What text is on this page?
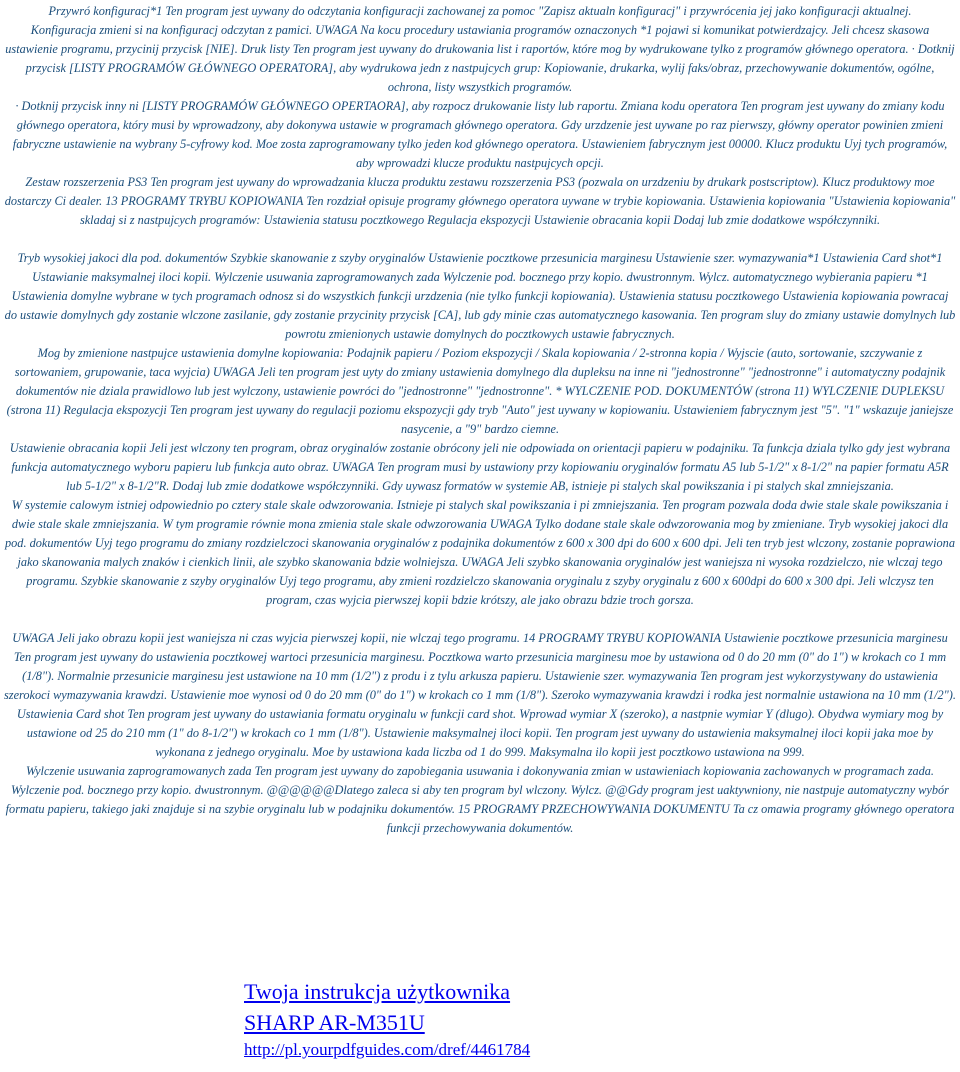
Przywró konfiguracj*1 Ten program jest uywany do odczytania konfiguracji zachowanej za pomoc "Zapisz aktualn konfiguracj" i przywrócenia jej jako konfiguracji aktualnej.

Konfiguracja zmieni si na konfiguracj odczytan z pamici. UWAGA Na kocu procedury ustawiania programów oznaczonych *1 pojawi si komunikat potwierdzajcy. Jeli chcesz skasowa ustawienie programu, przycinij przycisk [NIE]. Druk listy Ten program jest uywany do drukowania list i raportów, które mog by wydrukowane tylko z programów głównego operatora. · Dotknij przycisk [LISTY PROGRAMÓW GŁÓWNEGO OPERATORA], aby wydrukowa jedn z nastpujcych grup: Kopiowanie, drukarka, wylij faks/obraz, przechowywanie dokumentów, ogólne, ochrona, listy wszystkich programów.

· Dotknij przycisk inny ni [LISTY PROGRAMÓW GŁÓWNEGO OPERTAORA], aby rozpocz drukowanie listy lub raportu. Zmiana kodu operatora Ten program jest uywany do zmiany kodu głównego operatora, który musi by wprowadzony, aby dokonywa ustawie w programach głównego operatora. Gdy urzdzenie jest uywane po raz pierwszy, główny operator powinien zmieni fabryczne ustawienie na wybrany 5-cyfrowy kod. Moe zosta zaprogramowany tylko jeden kod głównego operatora. Ustawieniem fabrycznym jest 00000. Klucz produktu Uyj tych programów, aby wprowadzi klucze produktu nastpujcych opcji.

Zestaw rozszerzenia PS3 Ten program jest uywany do wprowadzania klucza produktu zestawu rozszerzenia PS3 (pozwala on urzdzeniu by drukark postscriptow). Klucz produktowy moe dostarczy Ci dealer. 13 PROGRAMY TRYBU KOPIOWANIA Ten rozdział opisuje programy głównego operatora uywane w trybie kopiowania. Ustawienia kopiowania "Ustawienia kopiowania" skladaj si z nastpujcych programów: Ustawienia statusu pocztkowego Regulacja ekspozycji Ustawienie obracania kopii Dodaj lub zmie dodatkowe współczynniki.

Tryb wysokiej jakoci dla pod. dokumentów Szybkie skanowanie z szyby oryginalów Ustawienie pocztkowe przesunicia marginesu Ustawienie szer. wymazywania*1 Ustawienia Card shot*1 Ustawianie maksymalnej iloci kopii. Wylczenie usuwania zaprogramowanych zada Wylczenie pod. bocznego przy kopio. dwustronnym. Wylcz. automatycznego wybierania papieru *1 Ustawienia domylne wybrane w tych programach odnosz si do wszystkich funkcji urzdzenia (nie tylko funkcji kopiowania). Ustawienia statusu pocztkowego Ustawienia kopiowania powracaj do ustawie domylnych gdy zostanie wlczone zasilanie, gdy zostanie przycinity przycisk [CA], lub gdy minie czas automatycznego kasowania. Ten program sluy do zmiany ustawie domylnych lub powrotu zmienionych ustawie domylnych do pocztkowych ustawie fabrycznych.

Mog by zmienione nastpujce ustawienia domylne kopiowania: Podajnik papieru / Poziom ekspozycji / Skala kopiowania / 2-stronna kopia / Wyjscie (auto, sortowanie, szczywanie z sortowaniem, grupowanie, taca wyjcia) UWAGA Jeli ten program jest uyty do zmiany ustawienia domylnego dla dupleksu na inne ni "jednostronne" "jednostronne" i automatyczny podajnik dokumentów nie dziala prawidlowo lub jest wylczony, ustawienie powróci do "jednostronne" "jednostronne". * WYLCZENIE POD. DOKUMENTÓW (strona 11) WYLCZENIE DUPLEKSU (strona 11) Regulacja ekspozycji Ten program jest uywany do regulacji poziomu ekspozycji gdy tryb "Auto" jest uywany w kopiowaniu. Ustawieniem fabrycznym jest "5". "1" wskazuje janiejsze nasycenie, a "9" bardzo ciemne.

Ustawienie obracania kopii Jeli jest wlczony ten program, obraz oryginalów zostanie obrócony jeli nie odpowiada on orientacji papieru w podajniku. Ta funkcja dziala tylko gdy jest wybrana funkcja automatycznego wyboru papieru lub funkcja auto obraz. UWAGA Ten program musi by ustawiony przy kopiowaniu oryginalów formatu A5 lub 5-1/2" x 8-1/2" na papier formatu A5R lub 5-1/2" x 8-1/2"R. Dodaj lub zmie dodatkowe współczynniki. Gdy uywasz formatów w systemie AB, istnieje pi stalych skal powikszania i pi stalych skal zmniejszania.

W systemie calowym istniej odpowiednio po cztery stale skale odwzorowania. Istnieje pi stalych skal powikszania i pi zmniejszania. Ten program pozwala doda dwie stale skale powikszania i dwie stale skale zmniejszania. W tym programie równie mona zmienia stale skale odwzorowania UWAGA Tylko dodane stale skale odwzorowania mog by zmieniane. Tryb wysokiej jakoci dla pod. dokumentów Uyj tego programu do zmiany rozdzielczoci skanowania oryginalów z podajnika dokumentów z 600 x 300 dpi do 600 x 600 dpi. Jeli ten tryb jest wlczony, zostanie poprawiona jako skanowania malych znaków i cienkich linii, ale szybko skanowania bdzie wolniejsza. UWAGA Jeli szybko skanowania oryginalów jest waniejsza ni wysoka rozdzielczo, nie wlczaj tego programu. Szybkie skanowanie z szyby oryginalów Uyj tego programu, aby zmieni rozdzielczo skanowania oryginalu z szyby oryginalu z 600 x 600dpi do 600 x 300 dpi. Jeli wlczysz ten program, czas wyjcia pierwszej kopii bdzie krótszy, ale jako obrazu bdzie troch gorsza.

UWAGA Jeli jako obrazu kopii jest waniejsza ni czas wyjcia pierwszej kopii, nie wlczaj tego programu. 14 PROGRAMY TRYBU KOPIOWANIA Ustawienie pocztkowe przesunicia marginesu Ten program jest uywany do ustawienia pocztkowej wartoci przesunicia marginesu. Pocztkowa warto przesunicia marginesu moe by ustawiona od 0 do 20 mm (0" do 1") w krokach co 1 mm (1/8"). Normalnie przesunicie marginesu jest ustawione na 10 mm (1/2") z produ i z tylu arkusza papieru. Ustawienie szer. wymazywania Ten program jest wykorzystywany do ustawienia szerokoci wymazywania krawdzi. Ustawienie moe wynosi od 0 do 20 mm (0" do 1") w krokach co 1 mm (1/8"). Szeroko wymazywania krawdzi i rodka jest normalnie ustawiona na 10 mm (1/2"). Ustawienia Card shot Ten program jest uywany do ustawiania formatu oryginalu w funkcji card shot. Wprowad wymiar X (szeroko), a nastpnie wymiar Y (dlugo). Obydwa wymiary mog by ustawione od 25 do 210 mm (1" do 8-1/2") w krokach co 1 mm (1/8"). Ustawienie maksymalnej iloci kopii. Ten program jest uywany do ustawienia maksymalnej iloci kopii jaka moe by wykonana z jednego oryginalu. Moe by ustawiona kada liczba od 1 do 999. Maksymalna ilo kopii jest pocztkowo ustawiona na 999.

Wylczenie usuwania zaprogramowanych zada Ten program jest uywany do zapobiegania usuwania i dokonywania zmian w ustawieniach kopiowania zachowanych w programach zada. Wylczenie pod. bocznego przy kopio. dwustronnym. @@@@@@Dlatego zaleca si aby ten program byl wlczony. Wylcz. @@Gdy program jest uaktywniony, nie nastpuje automatyczny wybór formatu papieru, takiego jaki znajduje si na szybie oryginalu lub w podajniku dokumentów. 15 PROGRAMY PRZECHOWYWANIA DOKUMENTU Ta cz omawia programy głównego operatora funkcji przechowywania dokumentów.

Twoja instrukcja użytkownika
SHARP AR-M351U
http://pl.yourpdfguides.com/dref/4461784
